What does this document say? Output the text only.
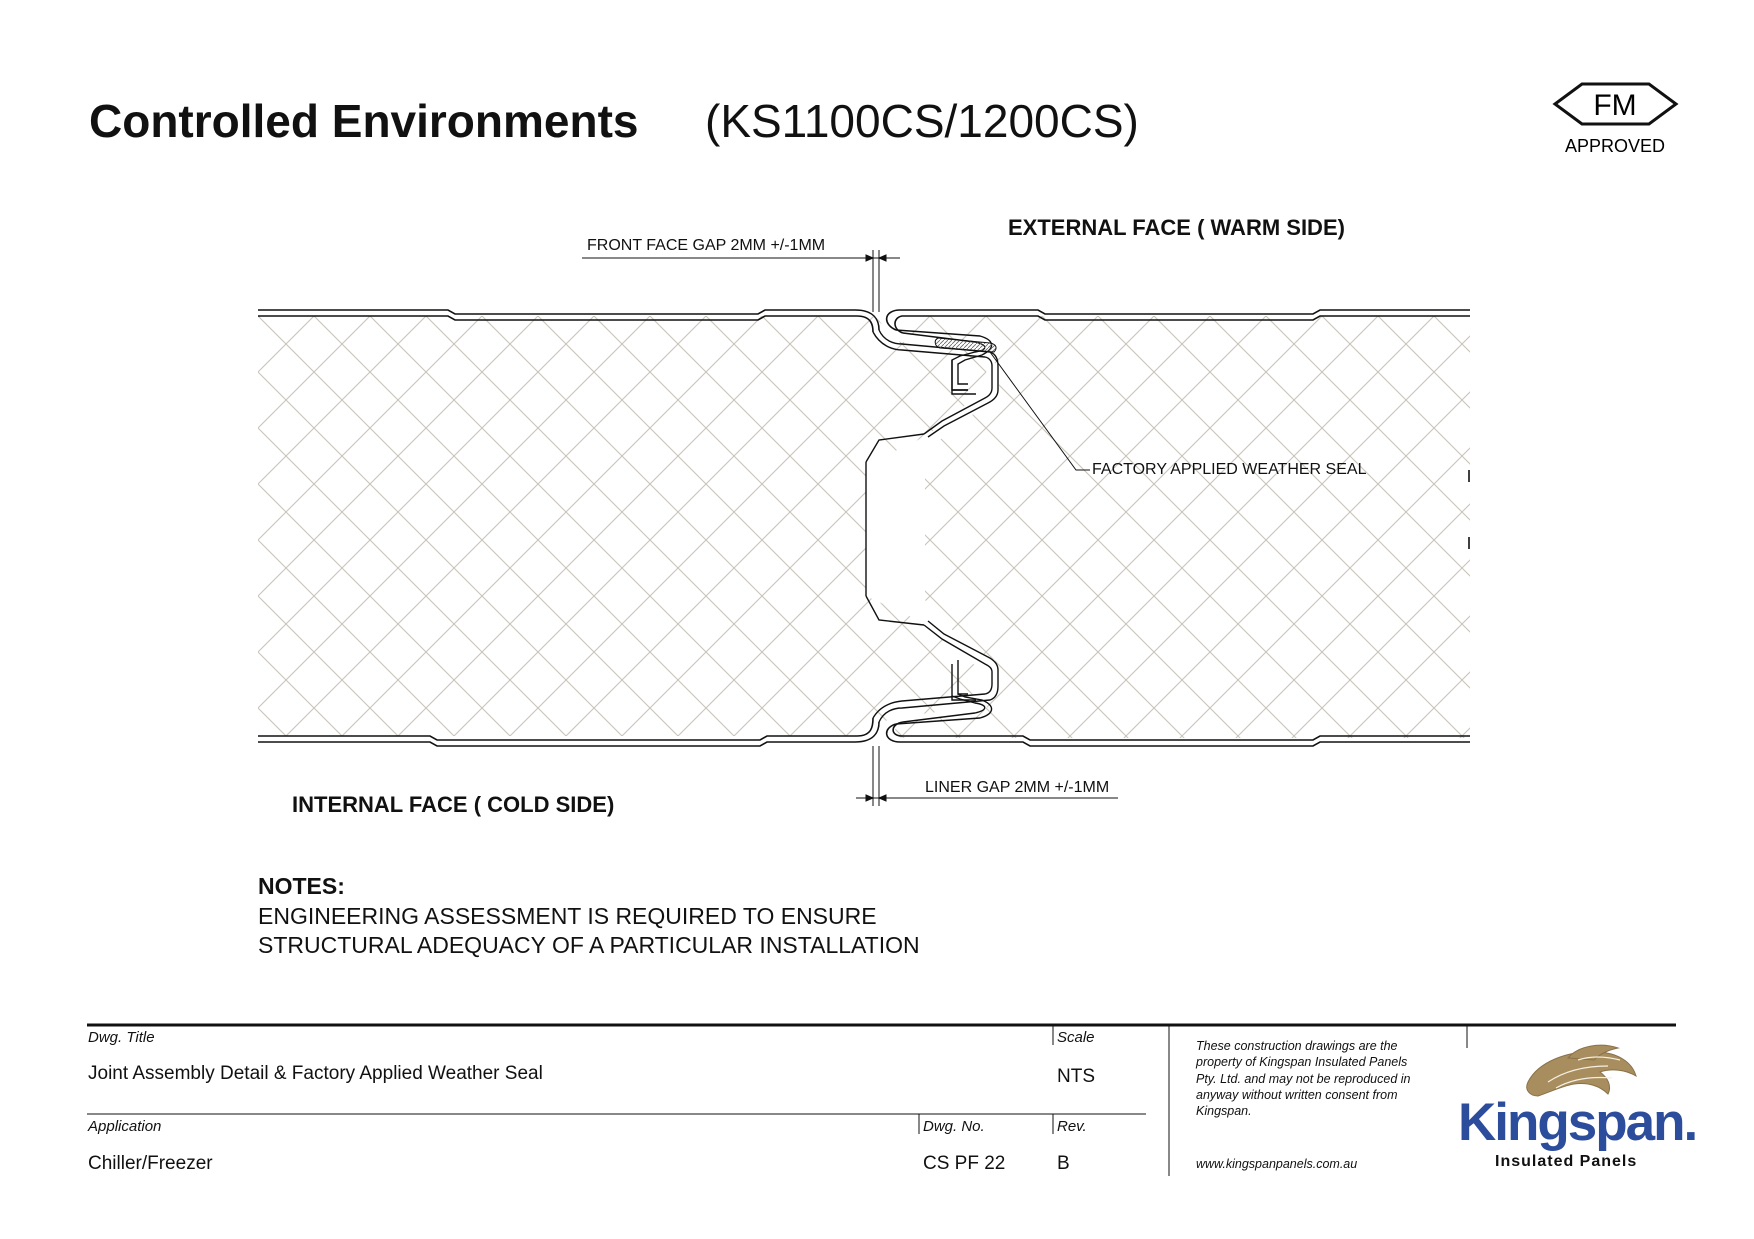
Controlled Environments (KS1100CS/1200CS)	FM
APPROVED
FRONT FACE GAP 2MM +/-1MM
EXTERNAL FACE ( WARM SIDE)
FACTORY APPLIED WEATHER SEAL
INTERNAL FACE ( COLD SIDE)
LINER GAP 2MM +/-1MM
NOTES:
ENGINEERING ASSESSMENT IS REQUIRED TO ENSURE
STRUCTURAL ADEQUACY OF A PARTICULAR INSTALLATION
Dwg. Title
Joint Assembly Detail & Factory Applied Weather Seal
Scale
NTS
Application
Chiller/Freezer
Dwg. No.
CS PF 22
Rev.
B
These construction drawings are the property of Kingspan Insulated Panels Pty. Ltd. and may not be reproduced in anyway without written consent from Kingspan.
www.kingspanpanels.com.au
Kingspan.
Insulated Panels
